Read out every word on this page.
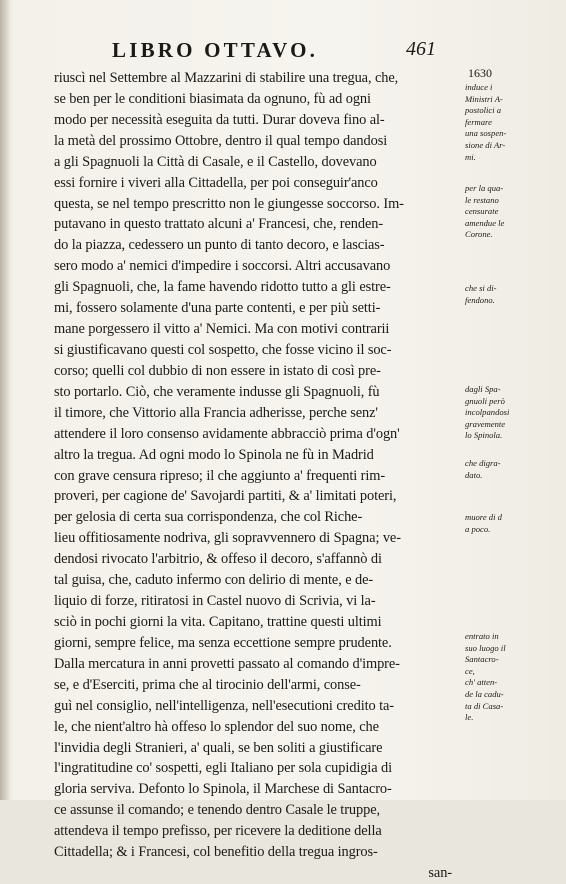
LIBRO OTTAVO.	461
1630
riuscì nel Settembre al Mazzarini di stabilire una tregua, che,
se ben per le conditioni biasimata da ognuno, fù ad ogni
modo per necessità eseguita da tutti. Durar doveva fino al-
la metà del prossimo Ottobre, dentro il qual tempo dandosi
a gli Spagnuoli la Città di Casale, e il Castello, dovevano
essi fornire i viveri alla Cittadella, per poi conseguir'anco
questa, se nel tempo prescritto non le giungesse soccorso. Im-
putavano in questo trattato alcuni a' Francesi, che, renden-
do la piazza, cedessero un punto di tanto decoro, e lascias-
sero modo a' nemici d'impedire i soccorsi. Altri accusavano
gli Spagnuoli, che, la fame havendo ridotto tutto a gli estre-
mi, fossero solamente d'una parte contenti, e per più setti-
mane porgessero il vitto a' Nemici. Ma con motivi contrarii
si giustificavano questi col sospetto, che fosse vicino il soc-
corso; quelli col dubbio di non essere in istato di così pre-
sto portarlo. Ciò, che veramente indusse gli Spagnuoli, fù
il timore, che Vittorio alla Francia adherisse, perche senz'
attendere il loro consenso avidamente abbracciò prima d'ogn'
altro la tregua. Ad ogni modo lo Spinola ne fù in Madrid
con grave censura ripreso; il che aggiunto a' frequenti rim-
proveri, per cagione de' Savojardi partiti, & a' limitati poteri,
per gelosia di certa sua corrispondenza, che col Riche-
lieu offitiosamente nodriva, gli sopravvennero di Spagna; ve-
dendosi rivocato l'arbitrio, & offeso il decoro, s'affannò di
tal guisa, che, caduto infermo con delirio di mente, e de-
liquio di forze, ritiratosi in Castel nuovo di Scrivia, vi la-
sciò in pochi giorni la vita. Capitano, trattine questi ultimi
giorni, sempre felice, ma senza eccettione sempre prudente.
Dalla mercatura in anni provetti passato al comando d'impre-
se, e d'Eserciti, prima che al tirocinio dell'armi, conse-
guì nel consiglio, nell'intelligenza, nell'esecutioni credito ta-
le, che nient'altro hà offeso lo splendor del suo nome, che
l'invidia degli Stranieri, a' quali, se ben soliti a giustificare
l'ingratitudine co' sospetti, egli Italiano per sola cupidigia di
gloria serviva. Defonto lo Spinola, il Marchese di Santacro-
ce assunse il comando; e tenendo dentro Casale le truppe,
attendeva il tempo prefisso, per ricevere la deditione della
Cittadella; & i Francesi, col benefitio della tregua ingros-
san-
induce i
Ministri A-
postolici a
fermare
una sospen-
sione di Ar-
mi.
per la qua-
le restano
censurate
amendue le
Corone.
che si di-
fendono.
dagli Spa-
gnuoli però
incolpandosi
gravemente
lo Spinola.
che digra-
dato.
muore di d
a poco.
entrato in
suo luogo il
Santacro-
ce,
ch' atten-
de la cadu-
ta di Casa-
le.
